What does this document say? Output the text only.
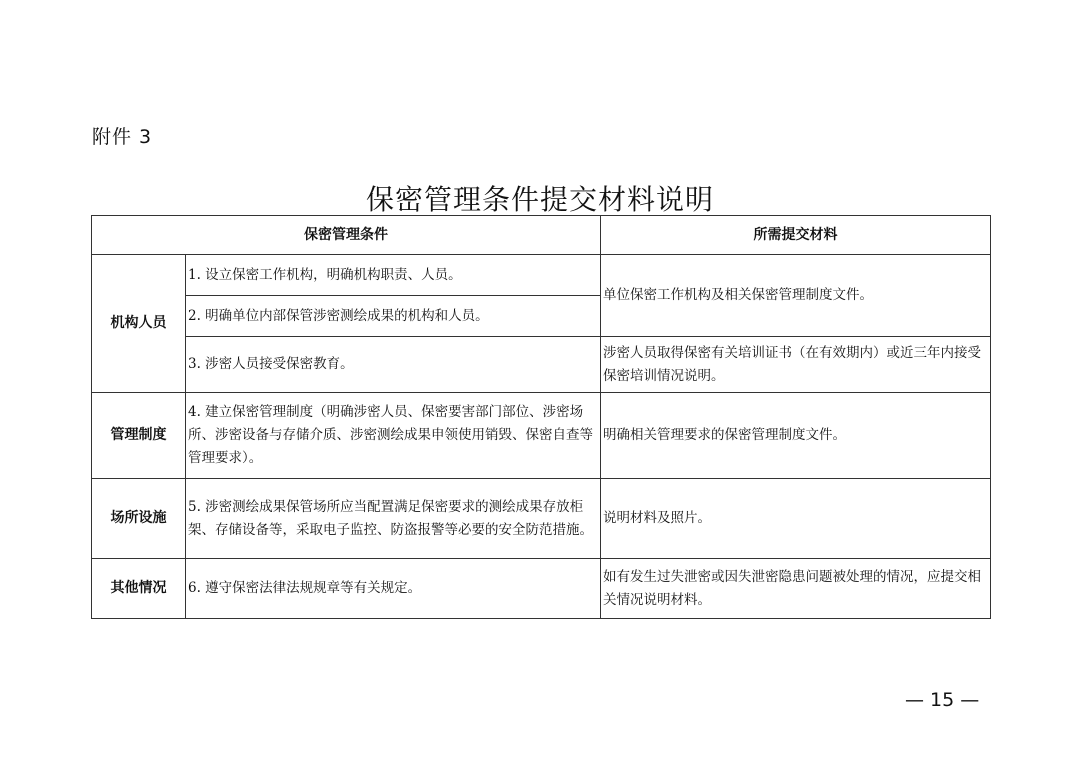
附件 3
保密管理条件提交材料说明
保密管理条件		所需提交材料
机构人员	1. 设立保密工作机构，明确机构职责、人员。	单位保密工作机构及相关保密管理制度文件。
	2. 明确单位内部保管涉密测绘成果的机构和人员。	
	3. 涉密人员接受保密教育。	涉密人员取得保密有关培训证书（在有效期内）或近三年内接受保密培训情况说明。
管理制度	4. 建立保密管理制度（明确涉密人员、保密要害部门部位、涉密场所、涉密设备与存储介质、涉密测绘成果申领使用销毁、保密自查等管理要求）。	明确相关管理要求的保密管理制度文件。
场所设施	5. 涉密测绘成果保管场所应当配置满足保密要求的测绘成果存放柜架、存储设备等，采取电子监控、防盗报警等必要的安全防范措施。	说明材料及照片。
其他情况	6. 遵守保密法律法规规章等有关规定。	如有发生过失泄密或因失泄密隐患问题被处理的情况，应提交相关情况说明材料。
— 15 —
